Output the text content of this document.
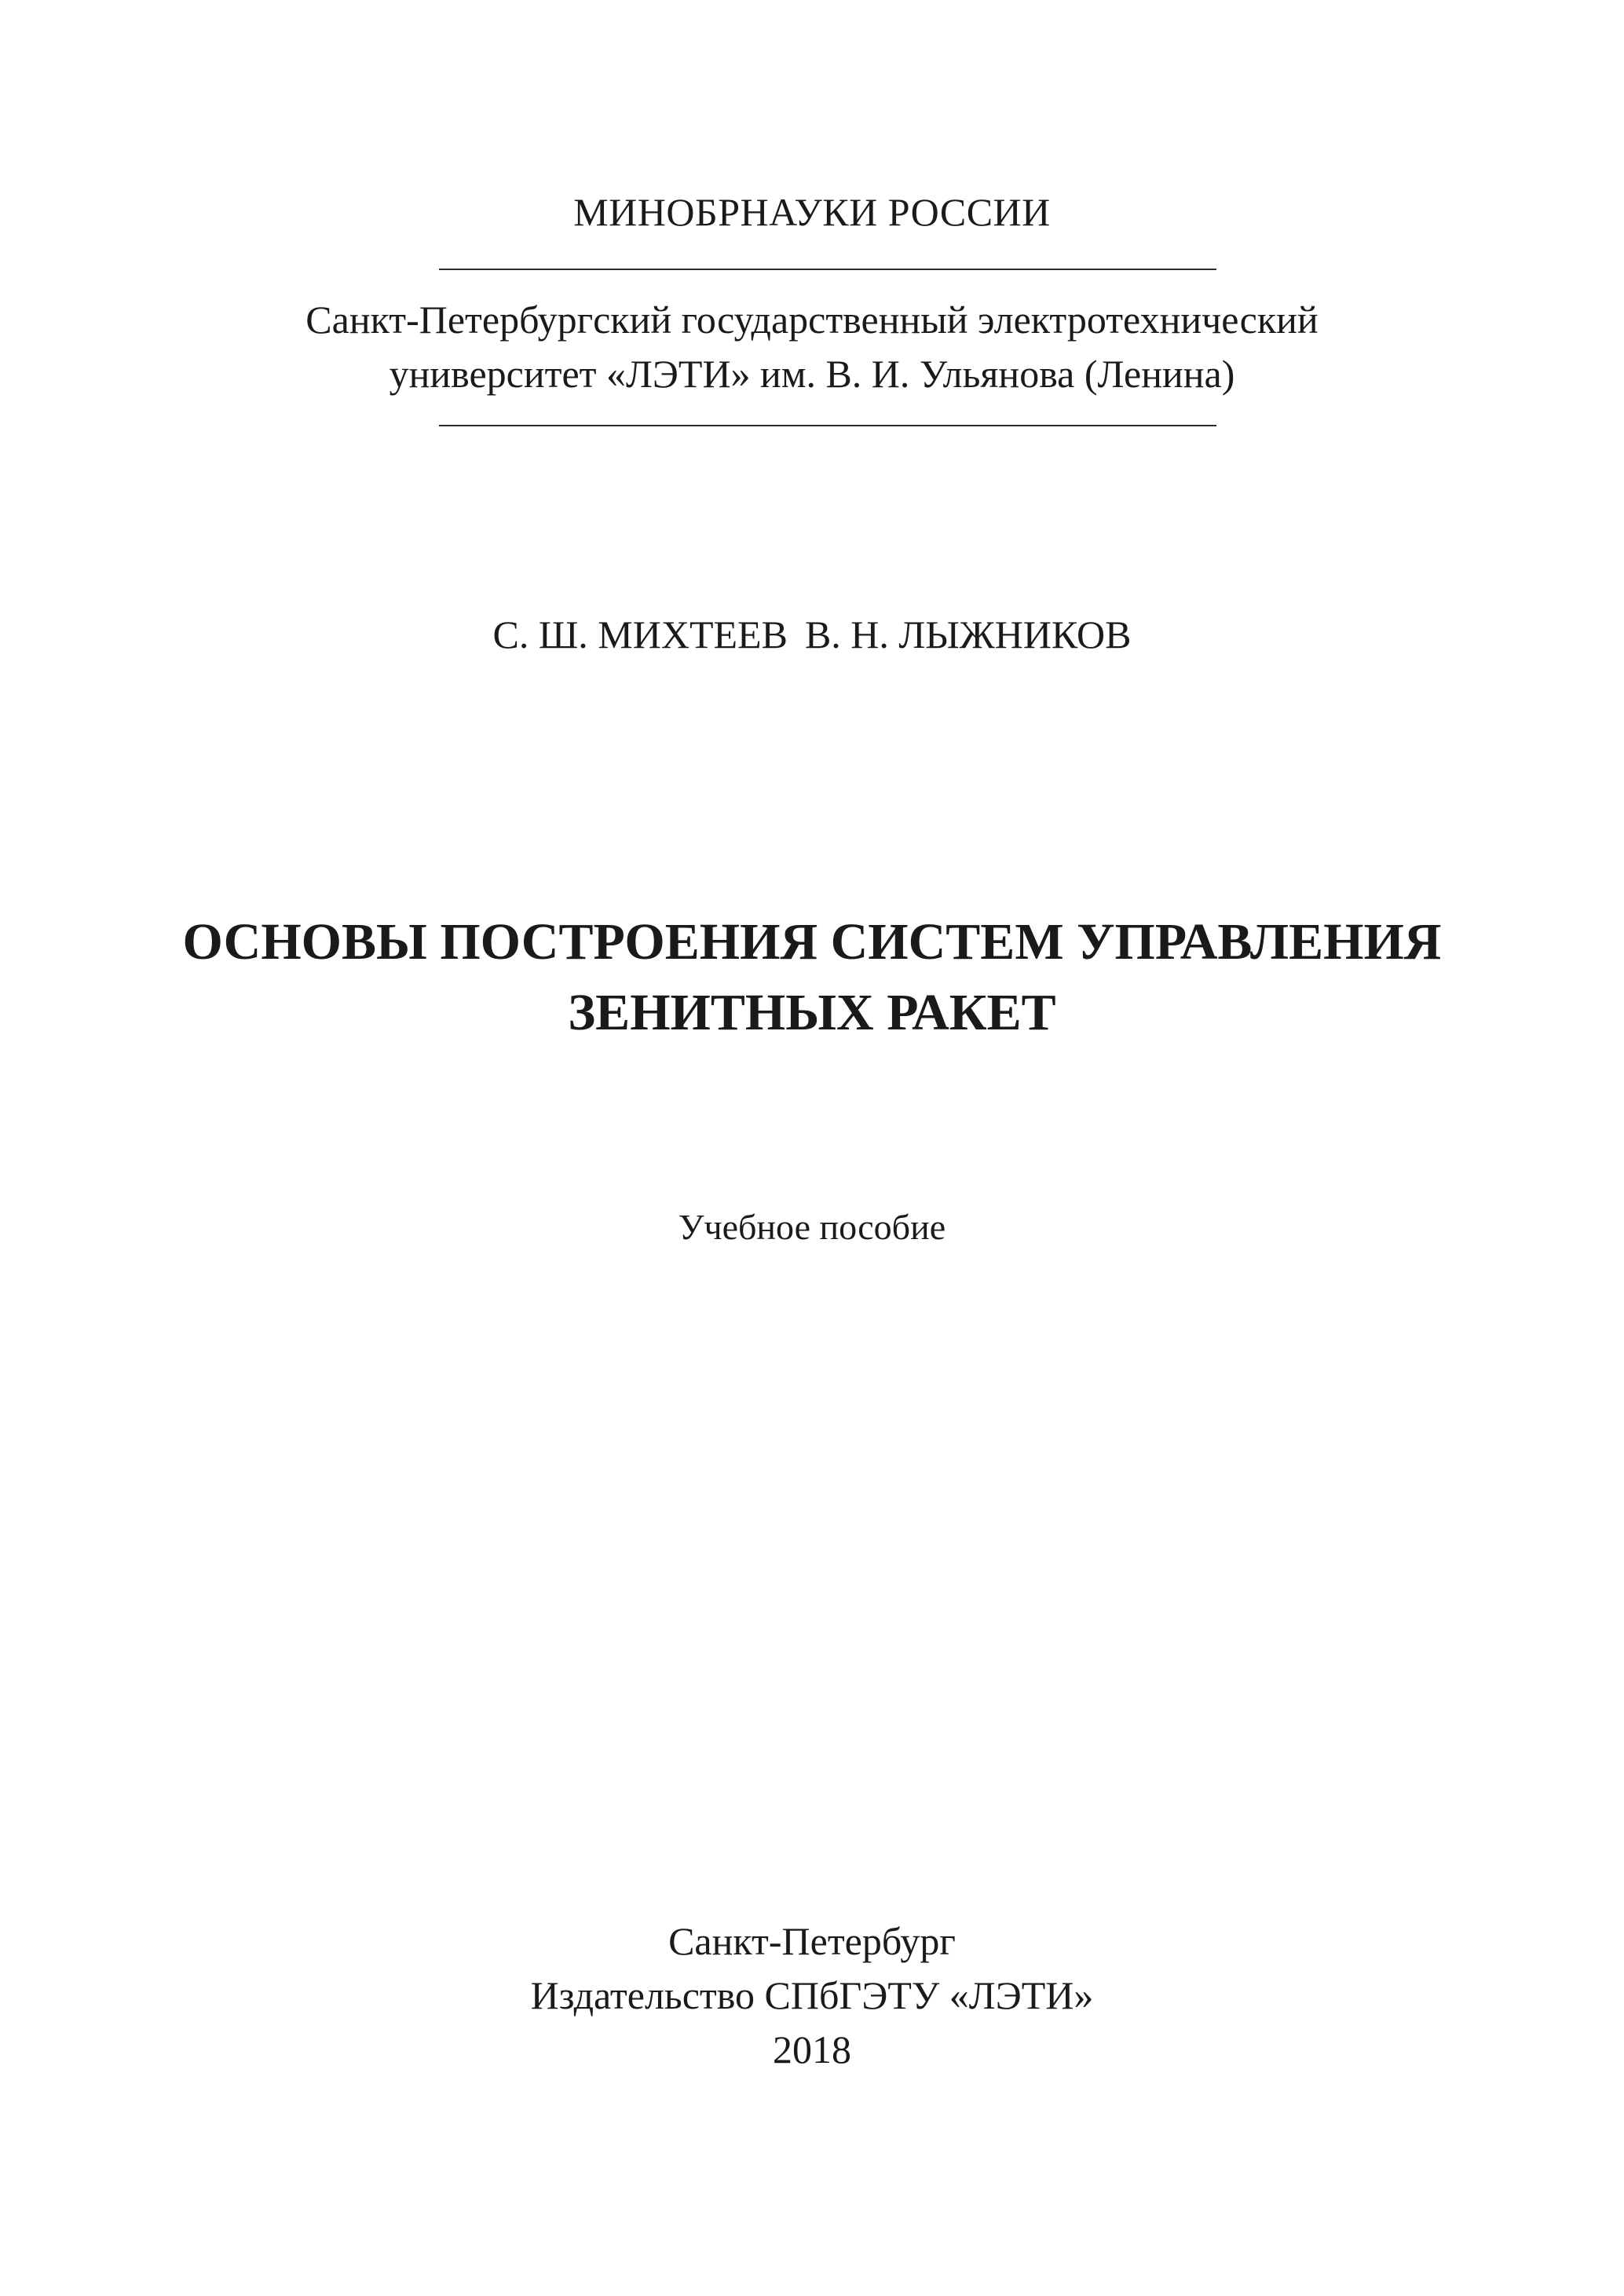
МИНОБРНАУКИ РОССИИ
Санкт-Петербургский государственный электротехнический
университет «ЛЭТИ» им. В. И. Ульянова (Ленина)
С. Ш. МИХТЕЕВ В. Н. ЛЫЖНИКОВ
ОСНОВЫ ПОСТРОЕНИЯ СИСТЕМ УПРАВЛЕНИЯ
ЗЕНИТНЫХ РАКЕТ
Учебное пособие
Санкт-Петербург
Издательство СПбГЭТУ «ЛЭТИ»
2018
